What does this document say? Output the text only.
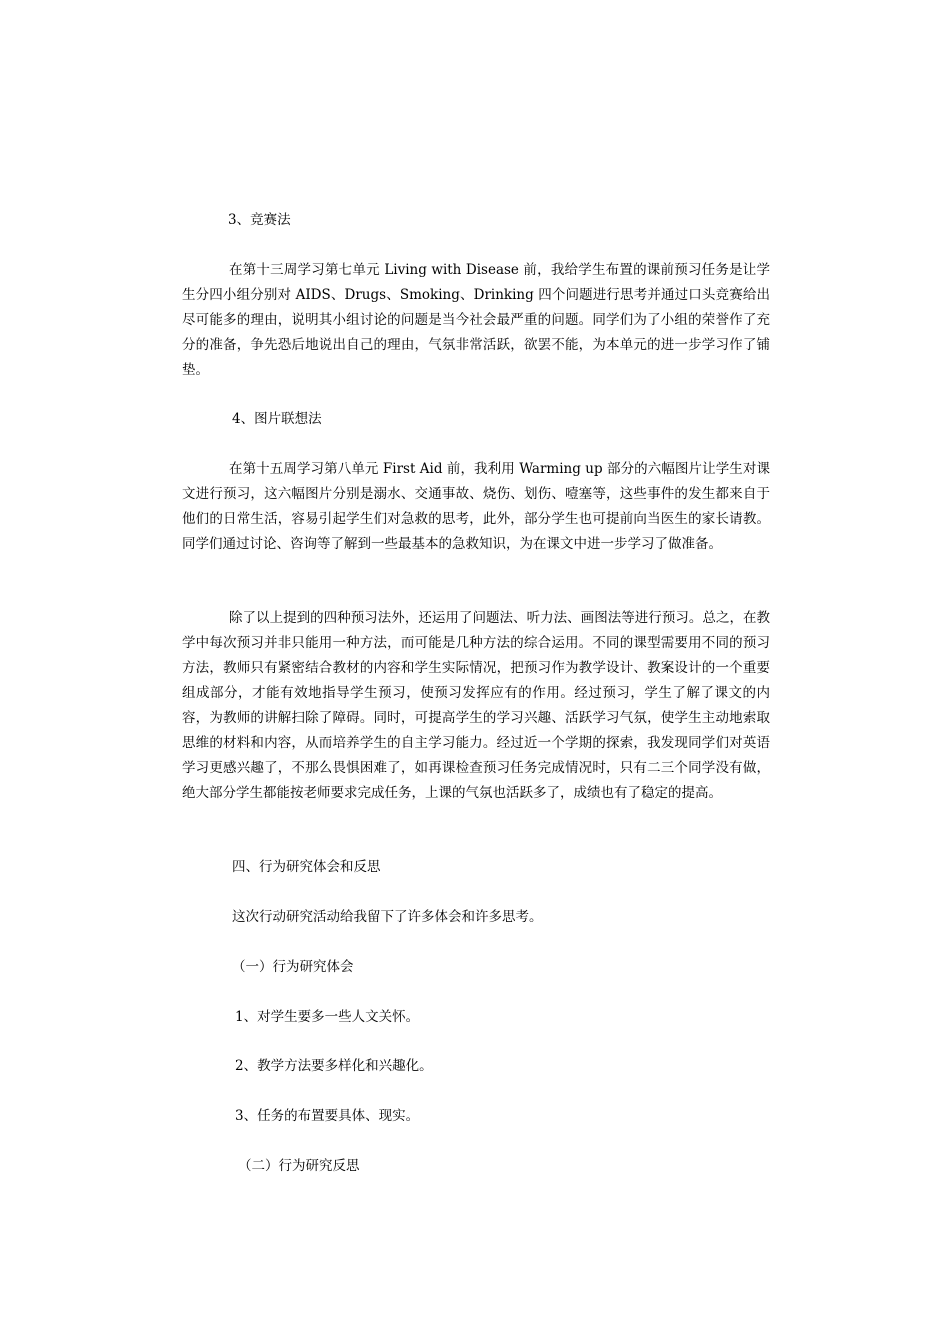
3、竞赛法

在第十三周学习第七单元 Living with Disease 前，我给学生布置的课前预习任务是让学生分四小组分别对 AIDS、Drugs、Smoking、Drinking 四个问题进行思考并通过口头竞赛给出尽可能多的理由，说明其小组讨论的问题是当今社会最严重的问题。同学们为了小组的荣誉作了充分的准备，争先恐后地说出自己的理由，气氛非常活跃，欲罢不能，为本单元的进一步学习作了铺垫。

4、图片联想法

在第十五周学习第八单元 First Aid 前，我利用 Warming up 部分的六幅图片让学生对课文进行预习，这六幅图片分别是溺水、交通事故、烧伤、划伤、噎塞等，这些事件的发生都来自于他们的日常生活，容易引起学生们对急救的思考，此外，部分学生也可提前向当医生的家长请教。同学们通过讨论、咨询等了解到一些最基本的急救知识，为在课文中进一步学习了做准备。

除了以上提到的四种预习法外，还运用了问题法、听力法、画图法等进行预习。总之，在教学中每次预习并非只能用一种方法，而可能是几种方法的综合运用。不同的课型需要用不同的预习方法，教师只有紧密结合教材的内容和学生实际情况，把预习作为教学设计、教案设计的一个重要组成部分，才能有效地指导学生预习，使预习发挥应有的作用。经过预习，学生了解了课文的内容，为教师的讲解扫除了障碍。同时，可提高学生的学习兴趣、活跃学习气氛，使学生主动地索取思维的材料和内容，从而培养学生的自主学习能力。经过近一个学期的探索，我发现同学们对英语学习更感兴趣了，不那么畏惧困难了，如再课检查预习任务完成情况时，只有二三个同学没有做，绝大部分学生都能按老师要求完成任务，上课的气氛也活跃多了，成绩也有了稳定的提高。

四、行为研究体会和反思

这次行动研究活动给我留下了许多体会和许多思考。

（一）行为研究体会

1、对学生要多一些人文关怀。

2、教学方法要多样化和兴趣化。

3、任务的布置要具体、现实。

（二）行为研究反思
